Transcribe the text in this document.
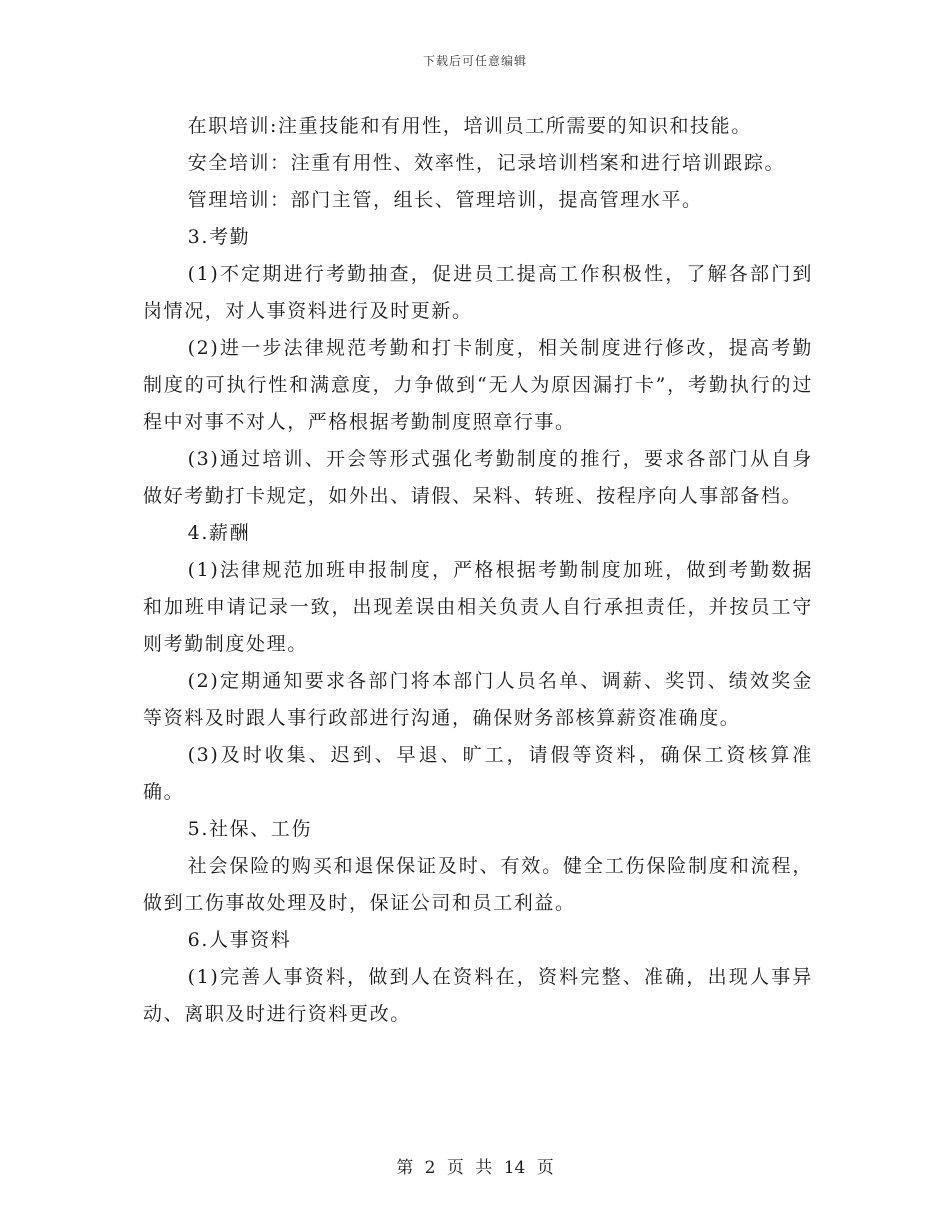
下载后可任意编辑

在职培训:注重技能和有用性，培训员工所需要的知识和技能。

安全培训：注重有用性、效率性，记录培训档案和进行培训跟踪。

管理培训：部门主管，组长、管理培训，提高管理水平。

3.考勤

(1)不定期进行考勤抽查，促进员工提高工作积极性，了解各部门到岗情况，对人事资料进行及时更新。

(2)进一步法律规范考勤和打卡制度，相关制度进行修改，提高考勤制度的可执行性和满意度，力争做到“无人为原因漏打卡”，考勤执行的过程中对事不对人，严格根据考勤制度照章行事。

(3)通过培训、开会等形式强化考勤制度的推行，要求各部门从自身做好考勤打卡规定，如外出、请假、呆料、转班、按程序向人事部备档。

4.薪酬

(1)法律规范加班申报制度，严格根据考勤制度加班，做到考勤数据和加班申请记录一致，出现差误由相关负责人自行承担责任，并按员工守则考勤制度处理。

(2)定期通知要求各部门将本部门人员名单、调薪、奖罚、绩效奖金等资料及时跟人事行政部进行沟通，确保财务部核算薪资准确度。

(3)及时收集、迟到、早退、旷工，请假等资料，确保工资核算准确。

5.社保、工伤

社会保险的购买和退保保证及时、有效。健全工伤保险制度和流程，做到工伤事故处理及时，保证公司和员工利益。

6.人事资料

(1)完善人事资料，做到人在资料在，资料完整、准确，出现人事异动、离职及时进行资料更改。

第 2 页 共 14 页
